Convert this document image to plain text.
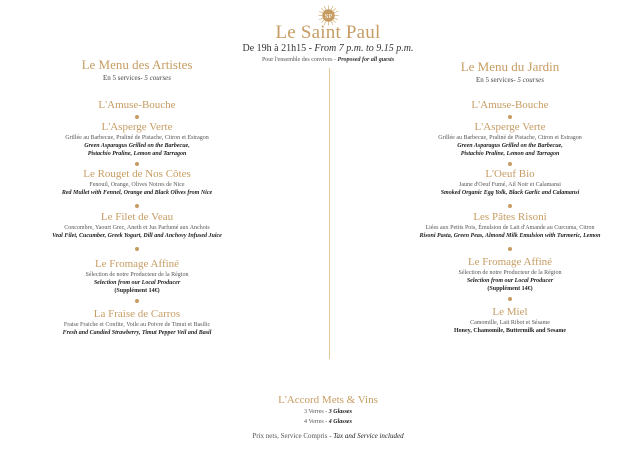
SP
Le Saint Paul
De 19h à 21h15 - From 7 p.m. to 9.15 p.m.
Pour l'ensemble des convives - Proposed for all guests
Le Menu des Artistes
En 5 services- 5 courses
L'Amuse-Bouche
L'Asperge Verte
Grillée au Barbecue, Praliné de Pistache, Citron et Estragon
Green Asparagus Grilled on the Barbecue,
Pistachio Praline, Lemon and Tarragon
Le Rouget de Nos Côtes
Fenouil, Orange, Olives Noires de Nice
Red Mullet with Fennel, Orange and Black Olives from Nice
Le Filet de Veau
Concombre, Yaourt Grec, Aneth et Jus Parfumé aux Anchois
Veal Filet, Cucumber, Greek Yogurt, Dill and Anchovy Infused Juice
Le Fromage Affiné
Sélection de notre Producteur de la Région
Selection from our Local Producer
(Supplément 14€)
La Fraise de Carros
Fraise Fraiche et Confite, Voile au Poivre de Timut et Basilic
Fresh and Candied Strawberry, Timut Pepper Veil and Basil
Le Menu du Jardin
En 5 services- 5 courses
L'Amuse-Bouche
L'Asperge Verte
Grillée au Barbecue, Praliné de Pistache, Citron et Estragon
Green Asparagus Grilled on the Barbecue,
Pistachio Praline, Lemon and Tarragon
L'Oeuf Bio
Jaune d'Oeuf Fumé, Ail Noir et Calamansi
Smoked Organic Egg Yolk, Black Garlic and Calamansi
Les Pâtes Risoni
Liées aux Petits Pois, Émulsion de Lait d'Amande au Curcuma, Citron
Risoni Pasta, Green Peas, Almond Milk Emulsion with Turmeric, Lemon
Le Fromage Affiné
Sélection de notre Producteur de la Région
Selection from our Local Producer
(Supplément 14€)
Le Miel
Camomille, Lait Ribot et Sésame
Honey, Chamomile, Buttermilk and Sesame
L'Accord Mets & Vins
3 Verres - 3 Glasses
4 Verres - 4 Glasses
Prix nets, Service Compris - Tax and Service included
